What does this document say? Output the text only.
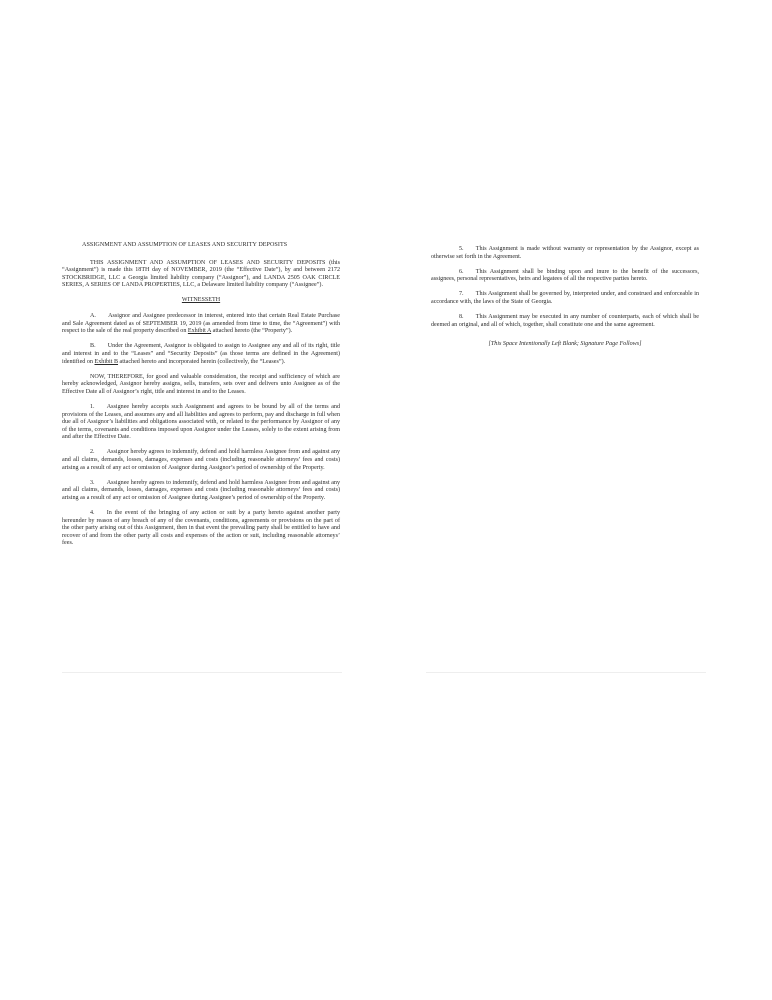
ASSIGNMENT AND ASSUMPTION OF LEASES AND SECURITY DEPOSITS

THIS ASSIGNMENT AND ASSUMPTION OF LEASES AND SECURITY DEPOSITS (this “Assignment”) is made this 18TH day of NOVEMBER, 2019 (the “Effective Date”), by and between 2172 STOCKBRIDGE, LLC a Georgia limited liability company (“Assignor”), and LANDA 2505 OAK CIRCLE SERIES, A SERIES OF LANDA PROPERTIES, LLC, a Delaware limited liability company (“Assignee”).

WITNESSETH

A.  Assignor and Assignee predecessor in interest, entered into that certain Real Estate Purchase and Sale Agreement dated as of SEPTEMBER 19, 2019 (as amended from time to time, the “Agreement”) with respect to the sale of the real property described on Exhibit A attached hereto (the “Property”).

B.  Under the Agreement, Assignor is obligated to assign to Assignee any and all of its right, title and interest in and to the “Leases” and “Security Deposits” (as those terms are defined in the Agreement) identified on Exhibit B attached hereto and incorporated herein (collectively, the “Leases”).

NOW, THEREFORE, for good and valuable consideration, the receipt and sufficiency of which are hereby acknowledged, Assignor hereby assigns, sells, transfers, sets over and delivers unto Assignee as of the Effective Date all of Assignor’s right, title and interest in and to the Leases.

1.  Assignee hereby accepts such Assignment and agrees to be bound by all of the terms and provisions of the Leases, and assumes any and all liabilities and agrees to perform, pay and discharge in full when due all of Assignor’s liabilities and obligations associated with, or related to the performance by Assignor of any of the terms, covenants and conditions imposed upon Assignor under the Leases, solely to the extent arising from and after the Effective Date.

2.  Assignor hereby agrees to indemnify, defend and hold harmless Assignee from and against any and all claims, demands, losses, damages, expenses and costs (including reasonable attorneys’ fees and costs) arising as a result of any act or omission of Assignor during Assignor’s period of ownership of the Property.

3.  Assignee hereby agrees to indemnify, defend and hold harmless Assignee from and against any and all claims, demands, losses, damages, expenses and costs (including reasonable attorneys’ fees and costs) arising as a result of any act or omission of Assignee during Assignee’s period of ownership of the Property.

4.  In the event of the bringing of any action or suit by a party hereto against another party hereunder by reason of any breach of any of the covenants, conditions, agreements or provisions on the part of the other party arising out of this Assignment, then in that event the prevailing party shall be entitled to have and recover of and from the other party all costs and expenses of the action or suit, including reasonable attorneys’ fees.

5.  This Assignment is made without warranty or representation by the Assignor, except as otherwise set forth in the Agreement.

6.  This Assignment shall be binding upon and inure to the benefit of the successors, assignees, personal representatives, heirs and legatees of all the respective parties hereto.

7.  This Assignment shall be governed by, interpreted under, and construed and enforceable in accordance with, the laws of the State of Georgia.

8.  This Assignment may be executed in any number of counterparts, each of which shall be deemed an original, and all of which, together, shall constitute one and the same agreement.

[This Space Intentionally Left Blank; Signature Page Follows]
